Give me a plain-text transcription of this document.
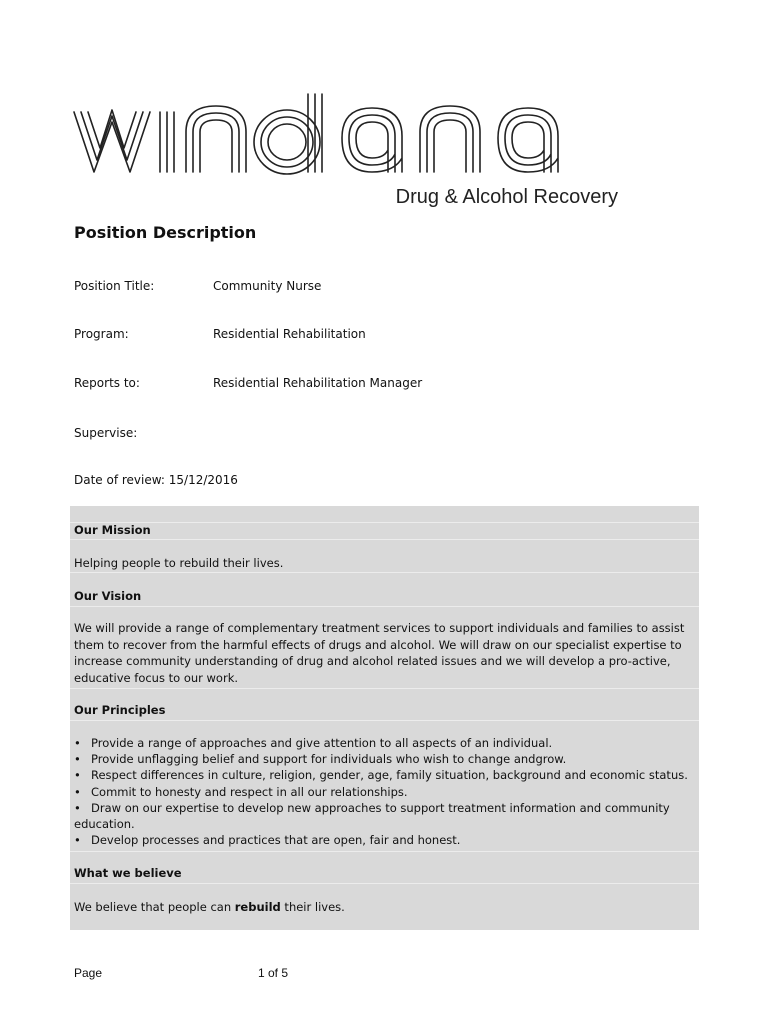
Drug & Alcohol Recovery
Position Description
Position Title:	Community Nurse
Program:	Residential Rehabilitation
Reports to:	Residential Rehabilitation Manager
Supervise:
Date of review: 15/12/2016
Our Mission
Helping people to rebuild their lives.
Our Vision
We will provide a range of complementary treatment services to support individuals and families to assist them to recover from the harmful effects of drugs and alcohol. We will draw on our specialist expertise to increase community understanding of drug and alcohol related issues and we will develop a pro-active, educative focus to our work.
Our Principles
• Provide a range of approaches and give attention to all aspects of an individual.
• Provide unflagging belief and support for individuals who wish to change andgrow.
• Respect differences in culture, religion, gender, age, family situation, background and economic status.
• Commit to honesty and respect in all our relationships.
• Draw on our expertise to develop new approaches to support treatment information and community education.
• Develop processes and practices that are open, fair and honest.
What we believe
We believe that people can rebuild their lives.
Page	1 of 5
